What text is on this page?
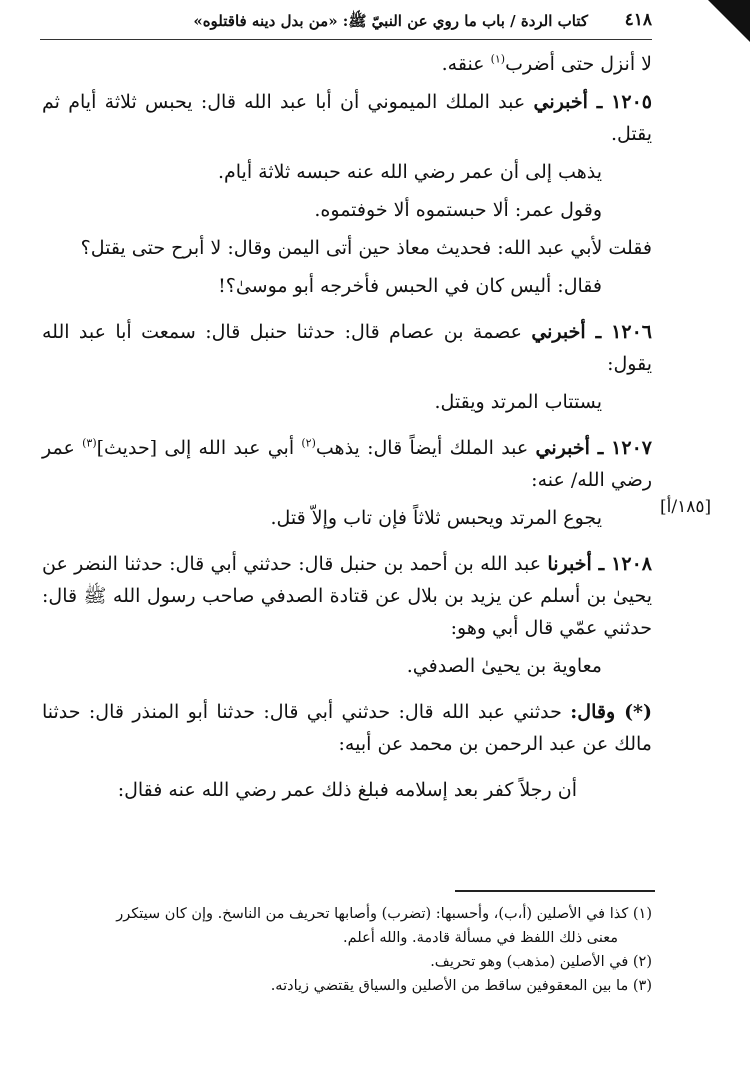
٤١٨
كتاب الردة / باب ما روي عن النبيّ ﷺ: «من بدل دينه فاقتلوه»

لا أنزل حتى أضرب$^{(١)}$ عنقه.

١٢٠٥ ـ أخبرني عبد الملك الميموني أن أبا عبد الله قال: يحبس ثلاثة أيام ثم يقتل.

يذهب إلى أن عمر رضي الله عنه حبسه ثلاثة أيام.

وقول عمر: ألا حبستموه ألا خوفتموه.

فقلت لأبي عبد الله: فحديث معاذ حين أتى اليمن وقال: لا أبرح حتى يقتل؟

فقال: أليس كان في الحبس فأخرجه أبو موسىٰ؟!

١٢٠٦ ـ أخبرني عصمة بن عصام قال: حدثنا حنبل قال: سمعت أبا عبد الله يقول:

يستتاب المرتد ويقتل.

١٢٠٧ ـ أخبرني عبد الملك أيضاً قال: يذهب$^{(٢)}$ أبي عبد الله إلى [حديث]$^{(٣)}$ عمر رضي الله/ عنه:

يجوع المرتد ويحبس ثلاثاً فإن تاب وإلاّ قتل.

١٢٠٨ ـ أخبرنا عبد الله بن أحمد بن حنبل قال: حدثني أبي قال: حدثنا النضر عن يحيىٰ بن أسلم عن يزيد بن بلال عن قتادة الصدفي صاحب رسول الله ﷺ قال: حدثني عمّي قال أبي وهو:

معاوية بن يحيىٰ الصدفي.

(*) وقال: حدثني عبد الله قال: حدثني أبي قال: حدثنا أبو المنذر قال: حدثنا مالك عن عبد الرحمن بن محمد عن أبيه:

أن رجلاً كفر بعد إسلامه فبلغ ذلك عمر رضي الله عنه فقال:

[١٨٥/أ]

(١) كذا في الأصلين (أ،ب)، وأحسبها: (تضرب) وأصابها تحريف من الناسخ. وإن كان سيتكرر

معنى ذلك اللفظ في مسألة قادمة. والله أعلم.

(٢) في الأصلين (مذهب) وهو تحريف.

(٣) ما بين المعقوفين ساقط من الأصلين والسياق يقتضي زيادته.
